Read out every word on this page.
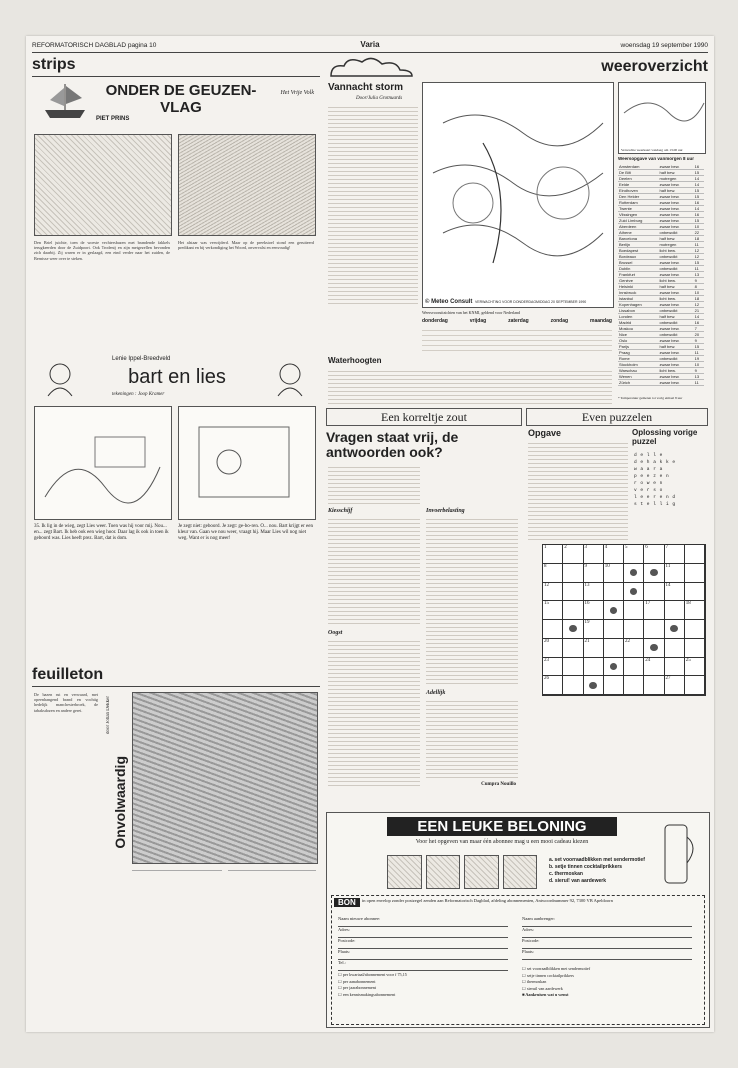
REFORMATORISCH DAGBLAD pagina 10	Varia	woensdag 19 september 1990
strips
ONDER DE GEUZEN-VLAG
PIET PRINS
Het Vrije Volk
Den Briel juichte, toen de woeste vechtersbazen met brandende fakkels terugkeerden door de Zuidpoort. Ook Trodenij en zijn metgezellen bevonden zich daarbij. Zij waren er in geslaagd, een eind verder naar het zuiden, de Bernisse weer over te steken.
Het alstaar was verwijderd. Maar op de preekstoel stond een geruiteerd predikant en bij verkondiging het Woord, onvervalst en eenvoudig!
Lenie Ippel-Breedveld
bart en lies
tekeningen : Joop Kramer
35. Ik lig in de wieg, zegt Lies weer. Toen was hij voor mij. Nou... en... zegt Bart. Ik heb ook een wieg hoor. Daar lag ik ook in toen ik geboord was. Lies heeft prez. Bart, dat is dom.
Je zegt niet: geboord. Je zegt: ge-bo-ren. O... nou. Bart krijgt er een kleur van. Gaan we nou weer, vraagt hij. Maar Lies wil nog niet weg. Want er is nog meer!
feuilleton
De bazen rut en verwaard, met opeenhangend brand en vochtig hedelijk manchesterbroek, de tabaksdozen en andere gerei.	door Johan Dekker
Onvolwaardig
weeroverzicht
Vannacht storm
Door/Julia Grotnuards
© Meteo Consult VERWACHTING VOOR DONDERDAGMIDDAG 20 SEPTEMBER 1990
Verwachte weerkaart vandaag om 13.00 uur
Weersopgave van vanmorgen 8 uur
Amsterdam	zwaar bew.	16
De Bilt	half bew.	15
Deelen	motregen	14
Eelde	zwaar bew.	14
Eindhoven	half bew.	15
Den Helder	zwaar bew.	15
Rotterdam	zwaar bew.	16
Twente	zwaar bew.	14
Vlissingen	zwaar bew.	16
Zuid Limburg	zwaar bew.	15
Aberdeen	zwaar bew.	10
Athene	onbewolkt	22
Barcelona	half bew.	18
Berlijn	motregen	11
Boedapest	licht bew.	12
Bordeaux	onbewolkt	12
Brussel	zwaar bew.	15
Dublin	onbewolkt	11
Frankfurt	zwaar bew.	13
Genève	licht bew.	9
Helsinki	half bew.	8
Innsbruck	zwaar bew.	10
Istanbul	licht bew.	18
Kopenhagen	zwaar bew.	12
Lissabon	onbewolkt	21
Londen	half bew.	14
Madrid	onbewolkt	16
Moskou	zwaar bew.	7
Nice	onbewolkt	20
Oslo	zwaar bew.	9
Parijs	half bew.	15
Praag	zwaar bew.	11
Rome	onbewolkt	19
Stockholm	zwaar bew.	10
Warschau	licht bew.	9
Wenen	zwaar bew.	13
Zürich	zwaar bew.	11
* Temperatuur gemeten tot vorig etmaal 8 uur
Weersvooruitzichten van het KNMI, geldend voor Nederland
donderdag	vrijdag	zaterdag	zondag	maandag
Waterhoogten
Een korreltje zout
Vragen staat vrij, de antwoorden ook?
Kiesschijf
Oogst
Invoerbelasting
Adellijk
Cumpra Nouillo
Even puzzelen
Opgave	Oplossing vorige puzzel
d e l l e
d e h a k k e
w a a r a
p e e z e n
r o w e n
v e r s o
l e e r e n d
s t e l l i g
1	2	3	4	5	6	7
8	9	10	11
12	13	14
15	16	17	18
19
20	21	22
23	24	25
26	27
EEN LEUKE BELONING
Voor het opgeven van maar één abonnee mag u een mooi cadeau kiezen
a. set voorraadblikken met sendermotief
b. setje tinnen cocktailprikkers
c. thermoskan
d. sierui! van aardewerk
BON	in open envelop zonder postzegel zenden aan Reformatorisch Dagblad, afdeling abonnementen, Antwoordnummer 92, 7300 VB Apeldoorn
Naam nieuwe abonnee:
Adres:
Postcode:
Plaats:
Tel.:
Naam aanbrenger:
Adres:
Postcode:
Plaats:
☐ per kwartaal/abonnement voor f 75,15
☐ per aanabonnement
☐ per jaarabonnement
☐ een kennismakingsabonnement
☐ set voorraadblikken met sendermotief
☐ setje tinnen cocktailprikkers
☐ thermoskan
☐ sieruil van aardewerk
■ Aankruisen wat u wenst
